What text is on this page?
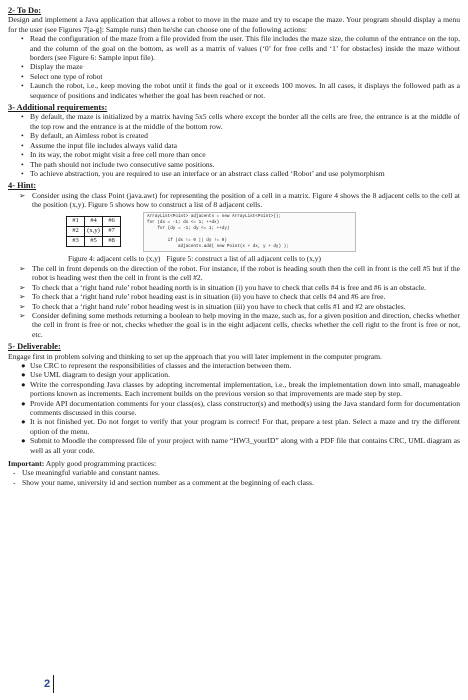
2- To Do:

Design and implement a Java application that allows a robot to move in the maze and try to escape the maze. Your program should display a menu for the user (see Figures 7[a-g]: Sample runs) then he/she can choose one of the following actions:

• Read the configuration of the maze from a file provided from the user. This file includes the maze size, the column of the entrance on the top, and the column of the goal on the bottom, as well as a matrix of values (‘0’ for free cells and ‘1’ for obstacles) inside the maze without borders (see Figure 6: Sample input file).
• Display the maze
• Select one type of robot
• Launch the robot, i.e., keep moving the robot until it finds the goal or it exceeds 100 moves. In all cases, it displays the followed path as a sequence of positions and indicates whether the goal has been reached or not.
3- Additional requirements:
• By default, the maze is initialized by a matrix having 5x5 cells where except the border all the cells are free, the entrance is at the middle of the top row and the entrance is at the middle of the bottom row.
• By default, an Aimless robot is created
• Assume the input file includes always valid data
• In its way, the robot might visit a free cell more than once
• The path should not include two consecutive same positions.
• To achieve abstraction, you are required to use an interface or an abstract class called ‘Robot’ and use polymorphism
4- Hint:
➢ Consider using the class Point (java.awt) for representing the position of a cell in a matrix. Figure 4 shows the 8 adjacent cells to the cell at the position (x,y). Figure 5 shows how to construct a list of 8 adjacent cells.
#1	#4	#6
#2	(x,y)	#7
#3	#5	#8
ArrayList<Point> adjacents = new ArrayList<Point>();
for (dx = -1; dx <= 1; ++dx)
for (dy = -1; dy <= 1; ++dy)

if (dx != 0 || dy != 0)
adjacents.add( new Point(x + dx, y + dy) );
Figure 4: adjacent cells to (x,y) Figure 5: construct a list of all adjacent cells to (x,y)
➢ The cell in front depends on the direction of the robot. For instance, if the robot is heading south then the cell in front is the cell #5 but if the robot is heading west then the cell in front is the cell #2.
➢ To check that a ‘right hand rule’ robot heading north is in situation (i) you have to check that cells #4 is free and #6 is an obstacle.
➢ To check that a ‘right hand rule’ robot heading east is in situation (ii) you have to check that cells #4 and #6 are free.
➢ To check that a ‘right hand rule’ robot heading west is in situation (iii) you have to check that cells #1 and #2 are obstacles.
➢ Consider defining some methods returning a boolean to help moving in the maze, such as, for a given position and direction, checks whether the cell in front is free or not, checks whether the goal is in the eight adjacent cells, checks whether the cell right to the front is free or not, etc.
5- Deliverable:

Engage first in problem solving and thinking to set up the approach that you will later implement in the computer program.

● Use CRC to represent the responsibilities of classes and the interaction between them.
● Use UML diagram to design your application.
● Write the corresponding Java classes by adopting incremental implementation, i.e., break the implementation down into small, manageable portions known as increments. Each increment builds on the previous version so that improvements are made step by step.
● Provide API documentation comments for your class(es), class constructor(s) and method(s) using the Java standard form for documentation comments discussed in this course.
● It is not finished yet. Do not forget to verify that your program is correct! For that, prepare a test plan. Select a maze and try the different option of the menu.
● Submit to Moodle the compressed file of your project with name “HW3_yourID” along with a PDF file that contains CRC, UML diagram as well as all your code.

Important: Apply good programming practices:

- Use meaningful variable and constant names.
- Show your name, university id and section number as a comment at the beginning of each class.
2
